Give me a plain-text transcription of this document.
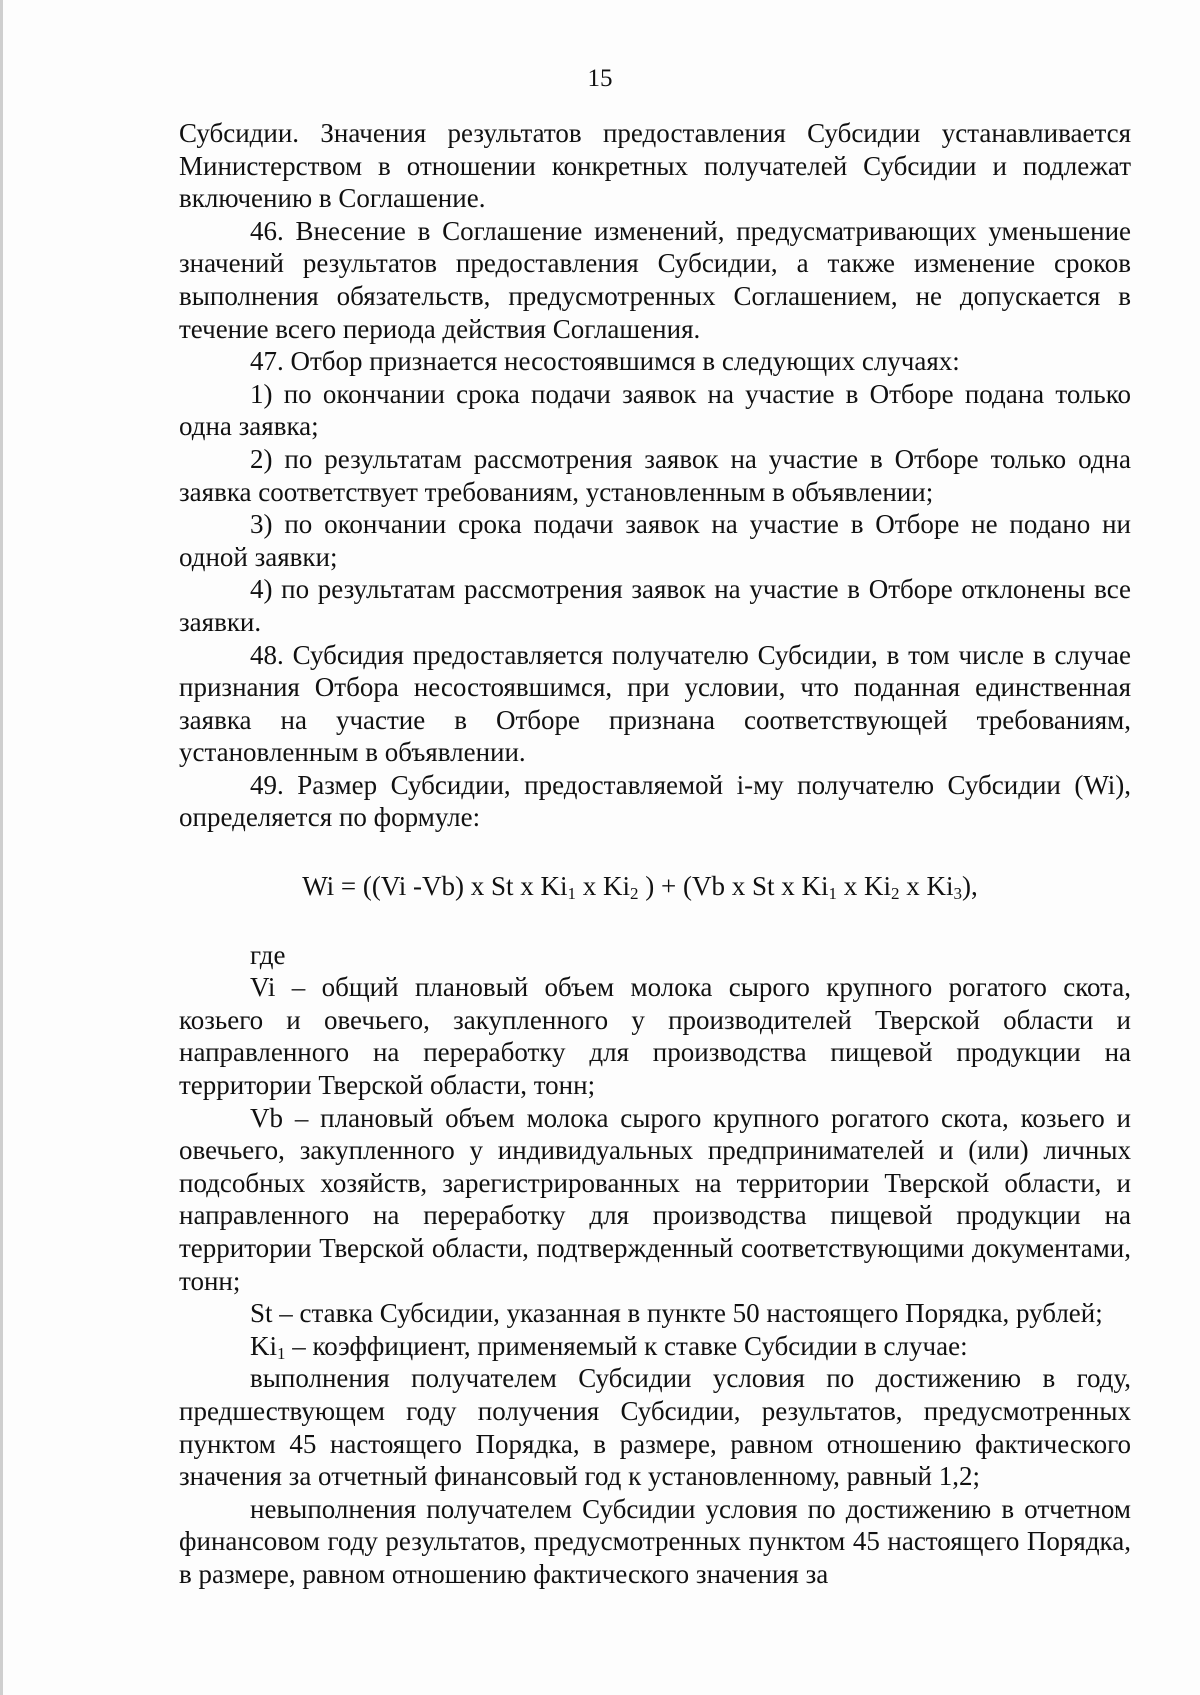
15

Субсидии. Значения результатов предоставления Субсидии устанавливается Министерством в отношении конкретных получателей Субсидии и подлежат включению в Соглашение.

46. Внесение в Соглашение изменений, предусматривающих уменьшение значений результатов предоставления Субсидии, а также изменение сроков выполнения обязательств, предусмотренных Соглашением, не допускается в течение всего периода действия Соглашения.

47. Отбор признается несостоявшимся в следующих случаях:

1) по окончании срока подачи заявок на участие в Отборе подана только одна заявка;

2) по результатам рассмотрения заявок на участие в Отборе только одна заявка соответствует требованиям, установленным в объявлении;

3) по окончании срока подачи заявок на участие в Отборе не подано ни одной заявки;

4) по результатам рассмотрения заявок на участие в Отборе отклонены все заявки.

48. Субсидия предоставляется получателю Субсидии, в том числе в случае признания Отбора несостоявшимся, при условии, что поданная единственная заявка на участие в Отборе признана соответствующей требованиям, установленным в объявлении.

49. Размер Субсидии, предоставляемой i-му получателю Субсидии (Wi), определяется по формуле:

Wi = ((Vi -Vb) x St x $Ki_1$ x $Ki_2$ ) + (Vb x St x $Ki_1$ x $Ki_2$ x $Ki_3$),

где

Vi – общий плановый объем молока сырого крупного рогатого скота, козьего и овечьего, закупленного у производителей Тверской области и направленного на переработку для производства пищевой продукции на территории Тверской области, тонн;

Vb – плановый объем молока сырого крупного рогатого скота, козьего и овечьего, закупленного у индивидуальных предпринимателей и (или) личных подсобных хозяйств, зарегистрированных на территории Тверской области, и направленного на переработку для производства пищевой продукции на территории Тверской области, подтвержденный соответствующими документами, тонн;

St – ставка Субсидии, указанная в пункте 50 настоящего Порядка, рублей;

$Ki_1$ – коэффициент, применяемый к ставке Субсидии в случае:

выполнения получателем Субсидии условия по достижению в году, предшествующем году получения Субсидии, результатов, предусмотренных пунктом 45 настоящего Порядка, в размере, равном отношению фактического значения за отчетный финансовый год к установленному, равный 1,2;

невыполнения получателем Субсидии условия по достижению в отчетном финансовом году результатов, предусмотренных пунктом 45 настоящего Порядка, в размере, равном отношению фактического значения за
